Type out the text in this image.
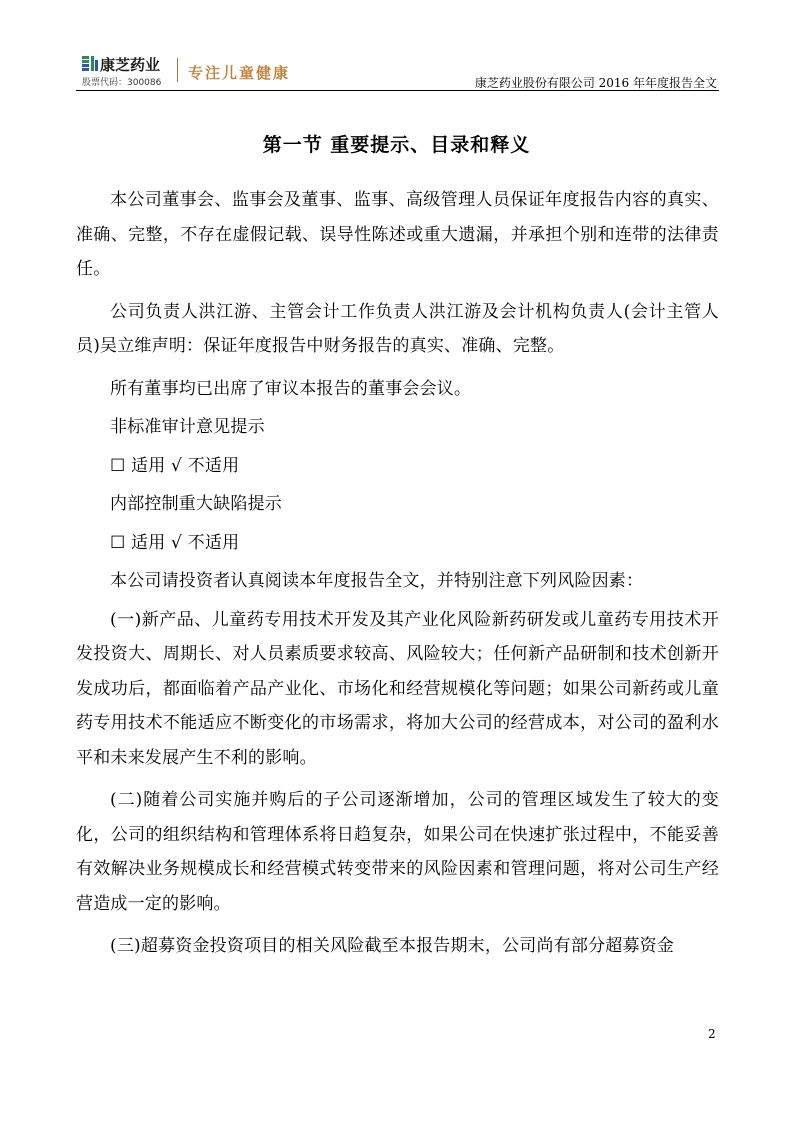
康芝药业
股票代码：300086
专注儿童健康
康芝药业股份有限公司 2016 年年度报告全文
第一节 重要提示、目录和释义

本公司董事会、监事会及董事、监事、高级管理人员保证年度报告内容的真实、准确、完整，不存在虚假记载、误导性陈述或重大遗漏，并承担个别和连带的法律责任。

公司负责人洪江游、主管会计工作负责人洪江游及会计机构负责人(会计主管人员)吴立维声明：保证年度报告中财务报告的真实、准确、完整。

所有董事均已出席了审议本报告的董事会会议。

非标准审计意见提示

☐ 适用 √ 不适用

内部控制重大缺陷提示

☐ 适用 √ 不适用

本公司请投资者认真阅读本年度报告全文，并特别注意下列风险因素：

(一)新产品、儿童药专用技术开发及其产业化风险新药研发或儿童药专用技术开发投资大、周期长、对人员素质要求较高、风险较大；任何新产品研制和技术创新开发成功后，都面临着产品产业化、市场化和经营规模化等问题；如果公司新药或儿童药专用技术不能适应不断变化的市场需求，将加大公司的经营成本，对公司的盈利水平和未来发展产生不利的影响。

(二)随着公司实施并购后的子公司逐渐增加，公司的管理区域发生了较大的变化，公司的组织结构和管理体系将日趋复杂，如果公司在快速扩张过程中，不能妥善有效解决业务规模成长和经营模式转变带来的风险因素和管理问题，将对公司生产经营造成一定的影响。

(三)超募资金投资项目的相关风险截至本报告期末，公司尚有部分超募资金

2
